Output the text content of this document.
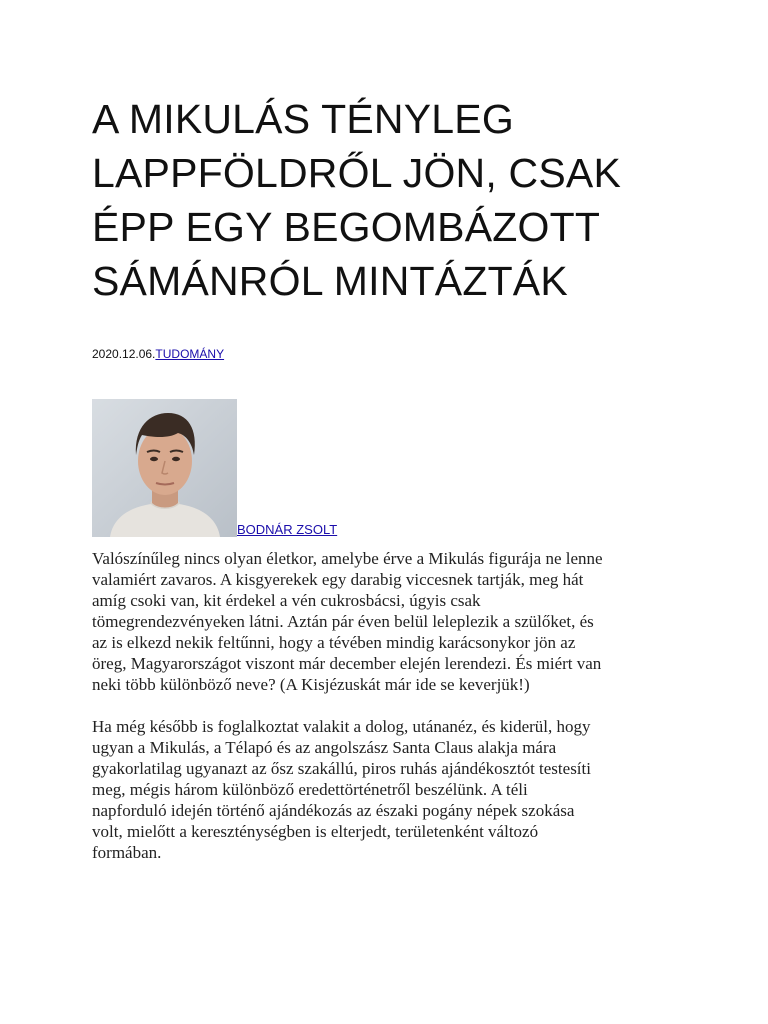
A MIKULÁS TÉNYLEG
LAPPFÖLDRŐL JÖN, CSAK
ÉPP EGY BEGOMBÁZOTT
SÁMÁNRÓL MINTÁZTÁK
2020.12.06.TUDOMÁNY
BODNÁR ZSOLT

Valószínűleg nincs olyan életkor, amelybe érve a Mikulás figurája ne lenne
valamiért zavaros. A kisgyerekek egy darabig viccesnek tartják, meg hát
amíg csoki van, kit érdekel a vén cukrosbácsi, úgyis csak
tömegrendezvényeken látni. Aztán pár éven belül leleplezik a szülőket, és
az is elkezd nekik feltűnni, hogy a tévében mindig karácsonykor jön az
öreg, Magyarországot viszont már december elején lerendezi. És miért van
neki több különböző neve? (A Kisjézuskát már ide se keverjük!)

Ha még később is foglalkoztat valakit a dolog, utánanéz, és kiderül, hogy
ugyan a Mikulás, a Télapó és az angolszász Santa Claus alakja mára
gyakorlatilag ugyanazt az ősz szakállú, piros ruhás ajándékosztót testesíti
meg, mégis három különböző eredettörténetről beszélünk. A téli
napforduló idején történő ajándékozás az északi pogány népek szokása
volt, mielőtt a kereszténységben is elterjedt, területenként változó
formában.
